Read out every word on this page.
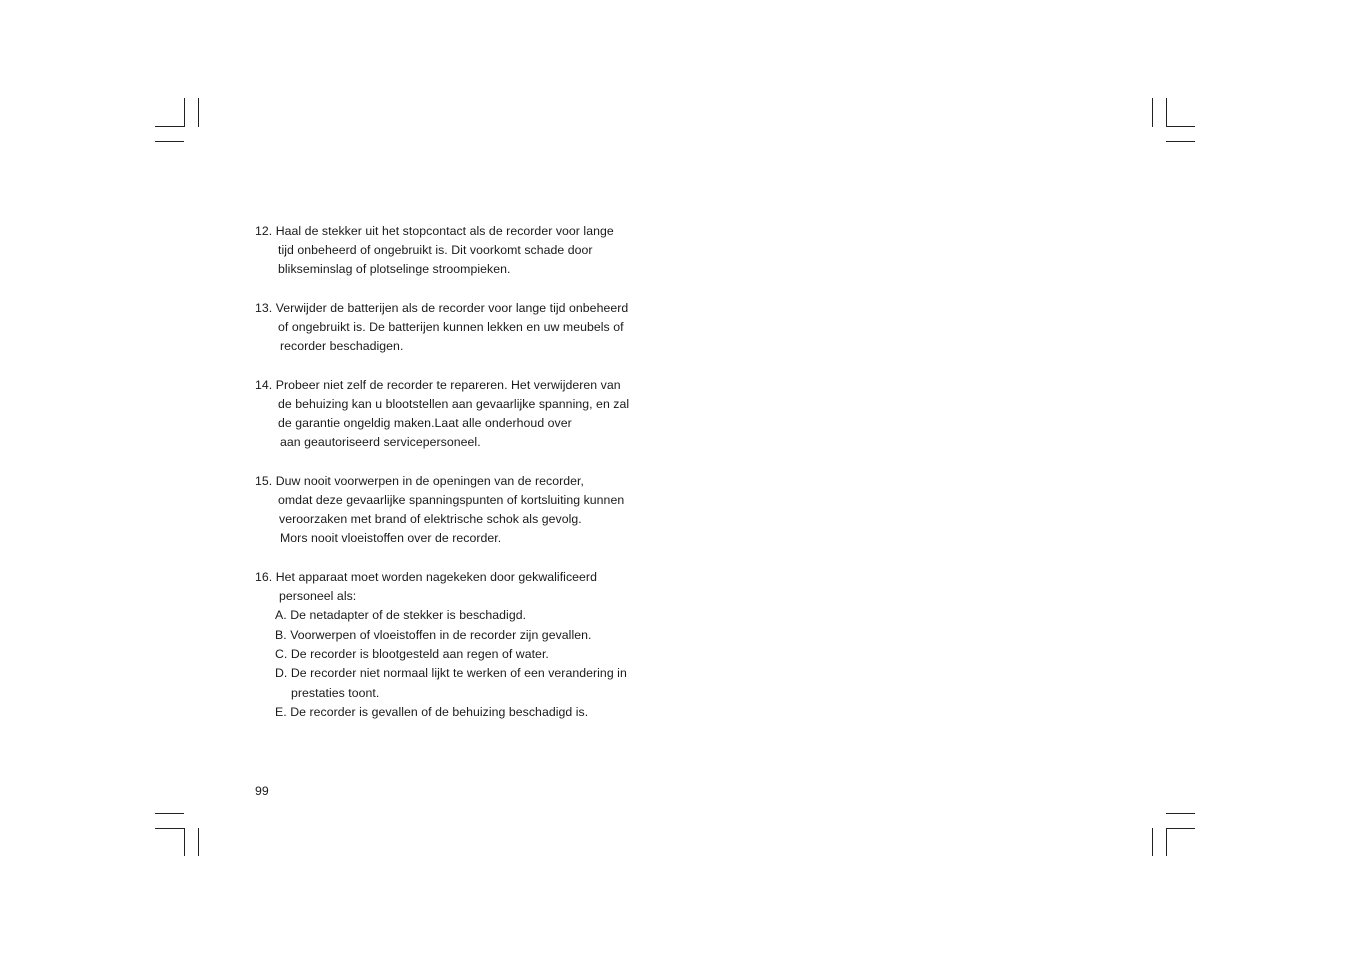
12. Haal de stekker uit het stopcontact als de recorder voor lange
tijd onbeheerd of ongebruikt is. Dit voorkomt schade door
blikseminslag of plotselinge stroompieken.
13. Verwijder de batterijen als de recorder voor lange tijd onbeheerd
of ongebruikt is. De batterijen kunnen lekken en uw meubels of
recorder beschadigen.
14. Probeer niet zelf de recorder te repareren. Het verwijderen van
de behuizing kan u blootstellen aan gevaarlijke spanning, en zal
de garantie ongeldig maken.Laat alle onderhoud over
aan geautoriseerd servicepersoneel.
15. Duw nooit voorwerpen in de openingen van de recorder,
omdat deze gevaarlijke spanningspunten of kortsluiting kunnen
veroorzaken met brand of elektrische schok als gevolg.
Mors nooit vloeistoffen over de recorder.
16. Het apparaat moet worden nagekeken door gekwalificeerd
personeel als:
A. De netadapter of de stekker is beschadigd.
B. Voorwerpen of vloeistoffen in de recorder zijn gevallen.
C. De recorder is blootgesteld aan regen of water.
D. De recorder niet normaal lijkt te werken of een verandering in
prestaties toont.
E. De recorder is gevallen of de behuizing beschadigd is.
99
